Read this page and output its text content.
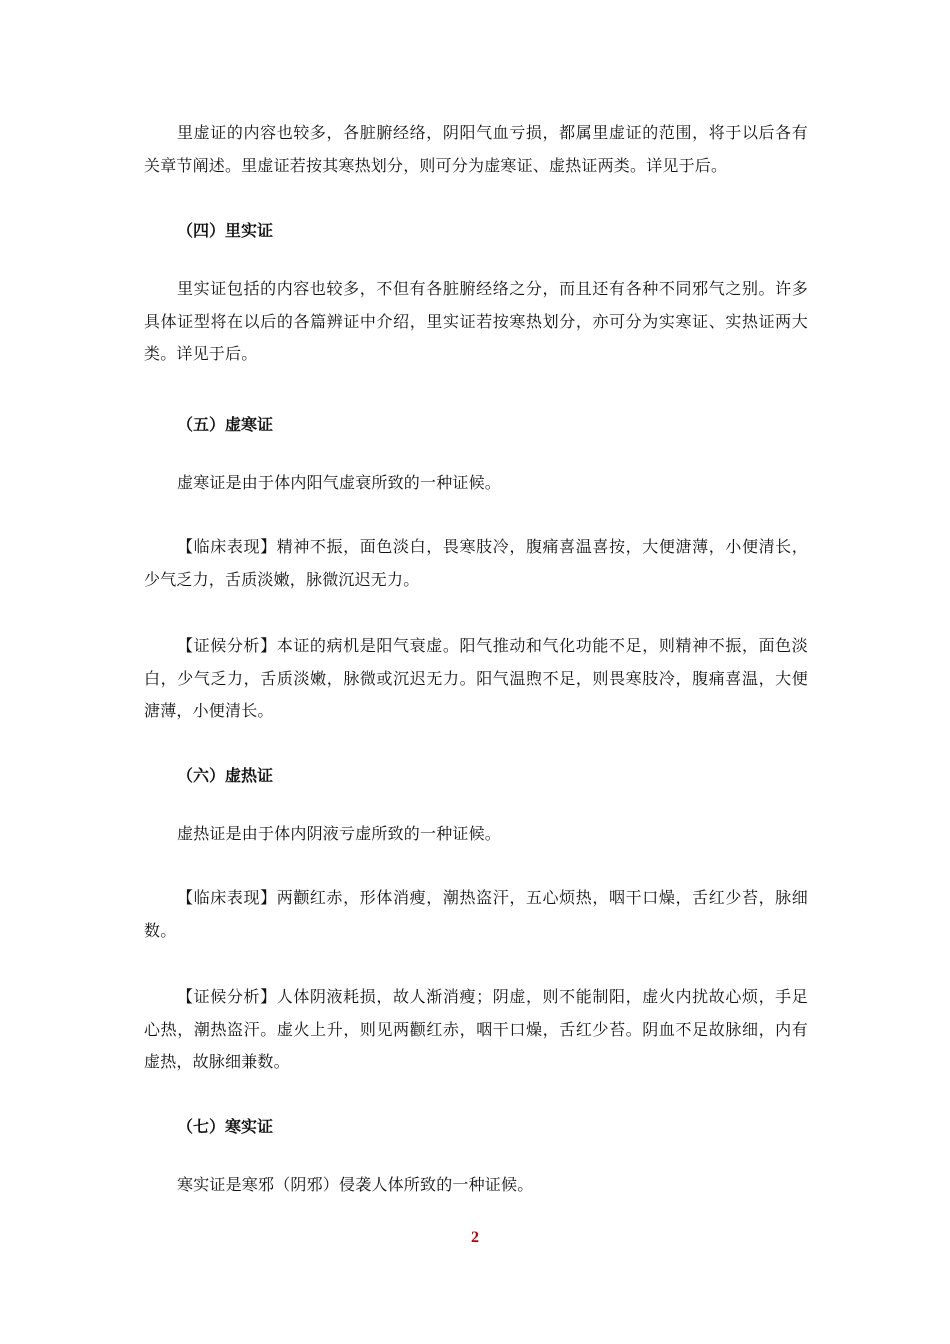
里虚证的内容也较多，各脏腑经络，阴阳气血亏损，都属里虚证的范围，将于以后各有关章节阐述。里虚证若按其寒热划分，则可分为虚寒证、虚热证两类。详见于后。

（四）里实证

里实证包括的内容也较多，不但有各脏腑经络之分，而且还有各种不同邪气之别。许多具体证型将在以后的各篇辨证中介绍，里实证若按寒热划分，亦可分为实寒证、实热证两大类。详见于后。

（五）虚寒证

虚寒证是由于体内阳气虚衰所致的一种证候。

【临床表现】精神不振，面色淡白，畏寒肢冷，腹痛喜温喜按，大便溏薄，小便清长，少气乏力，舌质淡嫩，脉微沉迟无力。

【证候分析】本证的病机是阳气衰虚。阳气推动和气化功能不足，则精神不振，面色淡白，少气乏力，舌质淡嫩，脉微或沉迟无力。阳气温煦不足，则畏寒肢冷，腹痛喜温，大便溏薄，小便清长。

（六）虚热证

虚热证是由于体内阴液亏虚所致的一种证候。

【临床表现】两颧红赤，形体消瘦，潮热盗汗，五心烦热，咽干口燥，舌红少苔，脉细数。

【证候分析】人体阴液耗损，故人渐消瘦；阴虚，则不能制阳，虚火内扰故心烦，手足心热，潮热盗汗。虚火上升，则见两颧红赤，咽干口燥，舌红少苔。阴血不足故脉细，内有虚热，故脉细兼数。

（七）寒实证

寒实证是寒邪（阴邪）侵袭人体所致的一种证候。

2
